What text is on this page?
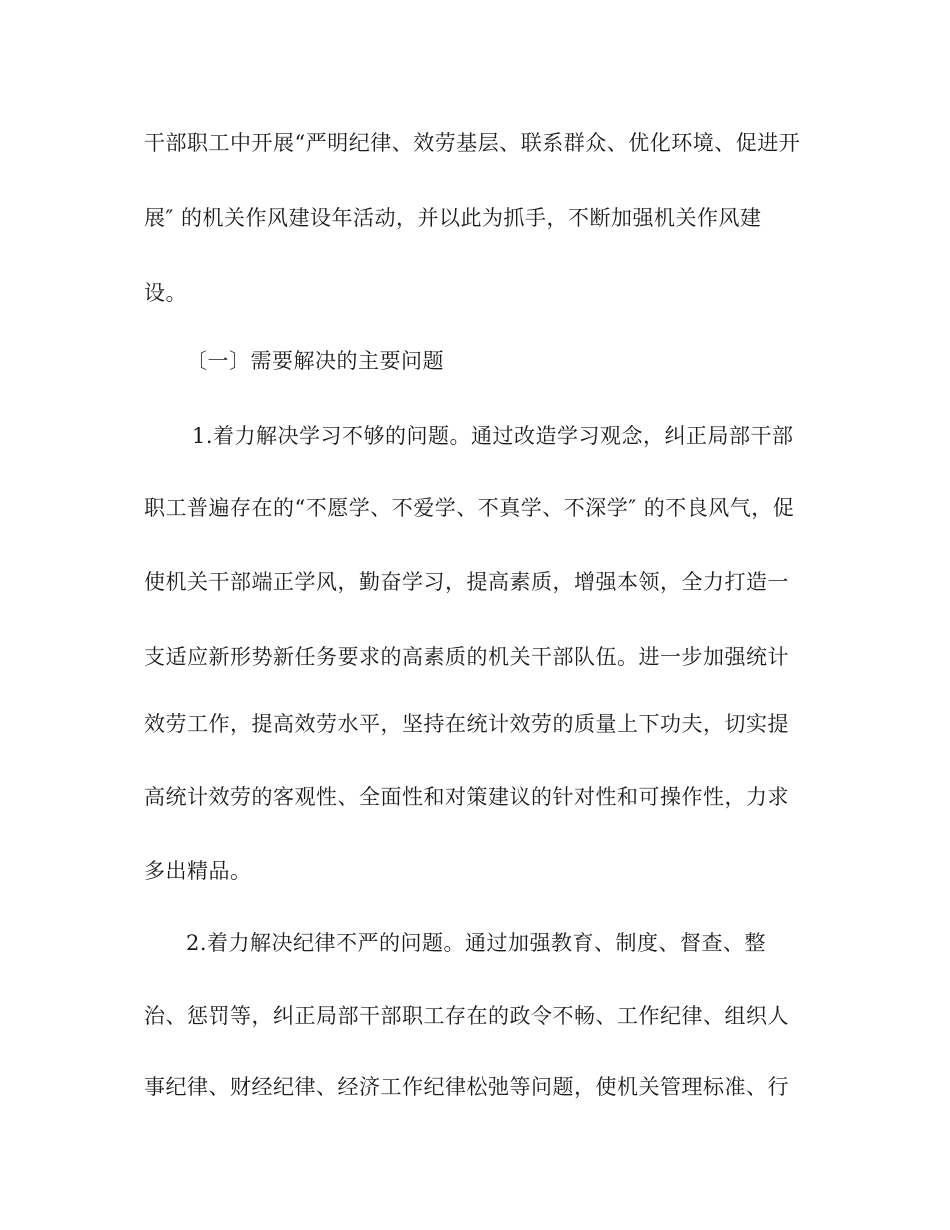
干部职工中开展“严明纪律、效劳基层、联系群众、优化环境、促进开
展″ 的机关作风建设年活动，并以此为抓手，不断加强机关作风建
设。
〔一〕需要解决的主要问题
1.着力解决学习不够的问题。通过改造学习观念，纠正局部干部
职工普遍存在的“不愿学、不爱学、不真学、不深学″ 的不良风气，促
使机关干部端正学风，勤奋学习，提高素质，增强本领，全力打造一
支适应新形势新任务要求的高素质的机关干部队伍。进一步加强统计
效劳工作，提高效劳水平，坚持在统计效劳的质量上下功夫，切实提
高统计效劳的客观性、全面性和对策建议的针对性和可操作性，力求
多出精品。
2.着力解决纪律不严的问题。通过加强教育、制度、督查、整
治、惩罚等，纠正局部干部职工存在的政令不畅、工作纪律、组织人
事纪律、财经纪律、经济工作纪律松弛等问题，使机关管理标准、行
